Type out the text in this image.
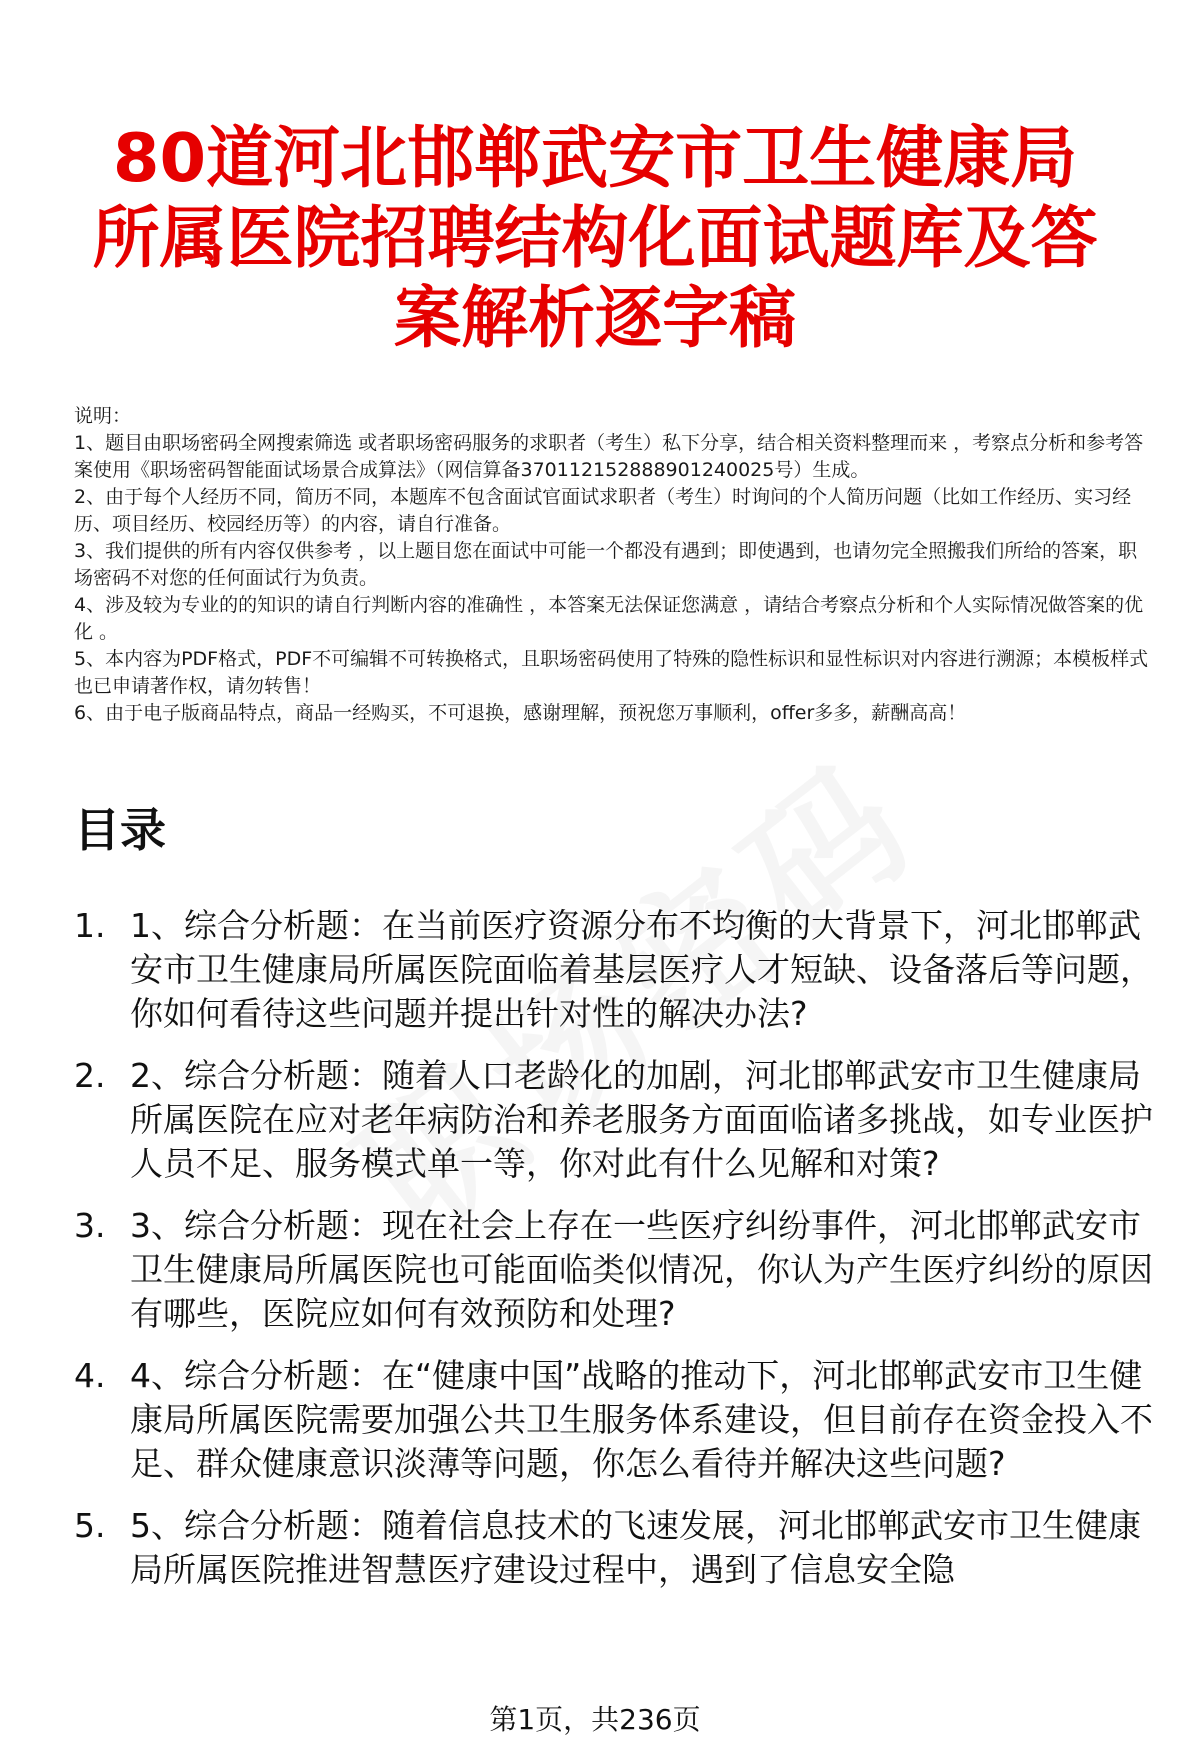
80道河北邯郸武安市卫生健康局所属医院招聘结构化面试题库及答案解析逐字稿

说明：

1、题目由职场密码全网搜索筛选 或者职场密码服务的求职者（考生）私下分享，结合相关资料整理而来 ，考察点分析和参考答案使用《职场密码智能面试场景合成算法》（网信算备370112152888901240025号）生成。

2、由于每个人经历不同，简历不同，本题库不包含面试官面试求职者（考生）时询问的个人简历问题（比如工作经历、实习经历、项目经历、校园经历等）的内容，请自行准备。

3、我们提供的所有内容仅供参考 ，以上题目您在面试中可能一个都没有遇到；即使遇到，也请勿完全照搬我们所给的答案，职场密码不对您的任何面试行为负责。

4、涉及较为专业的的知识的请自行判断内容的准确性 ，本答案无法保证您满意 ，请结合考察点分析和个人实际情况做答案的优化 。

5、本内容为PDF格式，PDF不可编辑不可转换格式，且职场密码使用了特殊的隐性标识和显性标识对内容进行溯源；本模板样式也已申请著作权，请勿转售！

6、由于电子版商品特点，商品一经购买，不可退换，感谢理解，预祝您万事顺利，offer多多，薪酬高高！

目录
1. 1、综合分析题：在当前医疗资源分布不均衡的大背景下，河北邯郸武安市卫生健康局所属医院面临着基层医疗人才短缺、设备落后等问题，你如何看待这些问题并提出针对性的解决办法?
2. 2、综合分析题：随着人口老龄化的加剧，河北邯郸武安市卫生健康局所属医院在应对老年病防治和养老服务方面面临诸多挑战，如专业医护人员不足、服务模式单一等，你对此有什么见解和对策?
3. 3、综合分析题：现在社会上存在一些医疗纠纷事件，河北邯郸武安市卫生健康局所属医院也可能面临类似情况，你认为产生医疗纠纷的原因有哪些，医院应如何有效预防和处理?
4. 4、综合分析题：在“健康中国”战略的推动下，河北邯郸武安市卫生健康局所属医院需要加强公共卫生服务体系建设，但目前存在资金投入不足、群众健康意识淡薄等问题，你怎么看待并解决这些问题?
5. 5、综合分析题：随着信息技术的飞速发展，河北邯郸武安市卫生健康局所属医院推进智慧医疗建设过程中，遇到了信息安全隐
第1页，共236页
